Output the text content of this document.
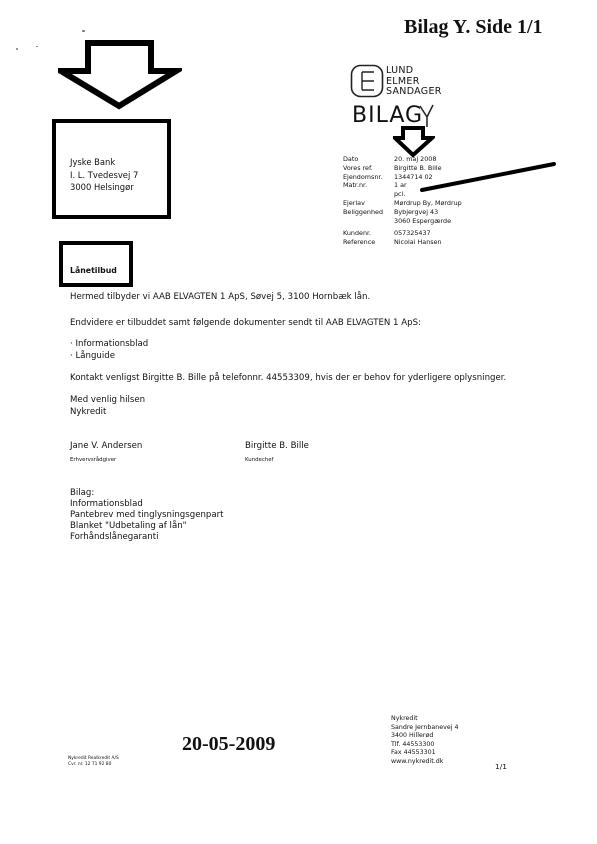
Bilag Y. Side 1/1
Jyske Bank
I. L. Tvedesvej 7
3000 Helsingør
LUND
ELMER
SANDAGER
BILAG
Dato	20. maj 2008
Vores ref.	Birgitte B. Bille
Ejendomsnr.	1344714 02
Matr.nr.	1 ar
pcl.
Ejerlav	Mørdrup By, Mørdrup
Beliggenhed	Bybjergvej 43
3060 Espergærde
Kundenr.	057325437
Reference	Nicolai Hansen
Lånetilbud
Hermed tilbyder vi AAB ELVAGTEN 1 ApS, Søvej 5, 3100 Hornbæk lån.
Endvidere er tilbuddet samt følgende dokumenter sendt til AAB ELVAGTEN 1 ApS:
· Informationsblad
· Långuide
Kontakt venligst Birgitte B. Bille på telefonnr. 44553309, hvis der er behov for yderligere oplysninger.
Med venlig hilsen
Nykredit
Jane V. Andersen
Erhvervsrådgiver
Birgitte B. Bille
Kundechef
Bilag:
Informationsblad
Pantebrev med tinglysningsgenpart
Blanket "Udbetaling af lån"
Forhåndslånegaranti
20-05-2009
Nykredit
Sandre Jernbanevej 4
3400 Hillerød
Tlf. 44553300
Fax 44553301
www.nykredit.dk
1/1
Nykredit Realkredit A/S
Cvr. nr. 12 71 92 80
